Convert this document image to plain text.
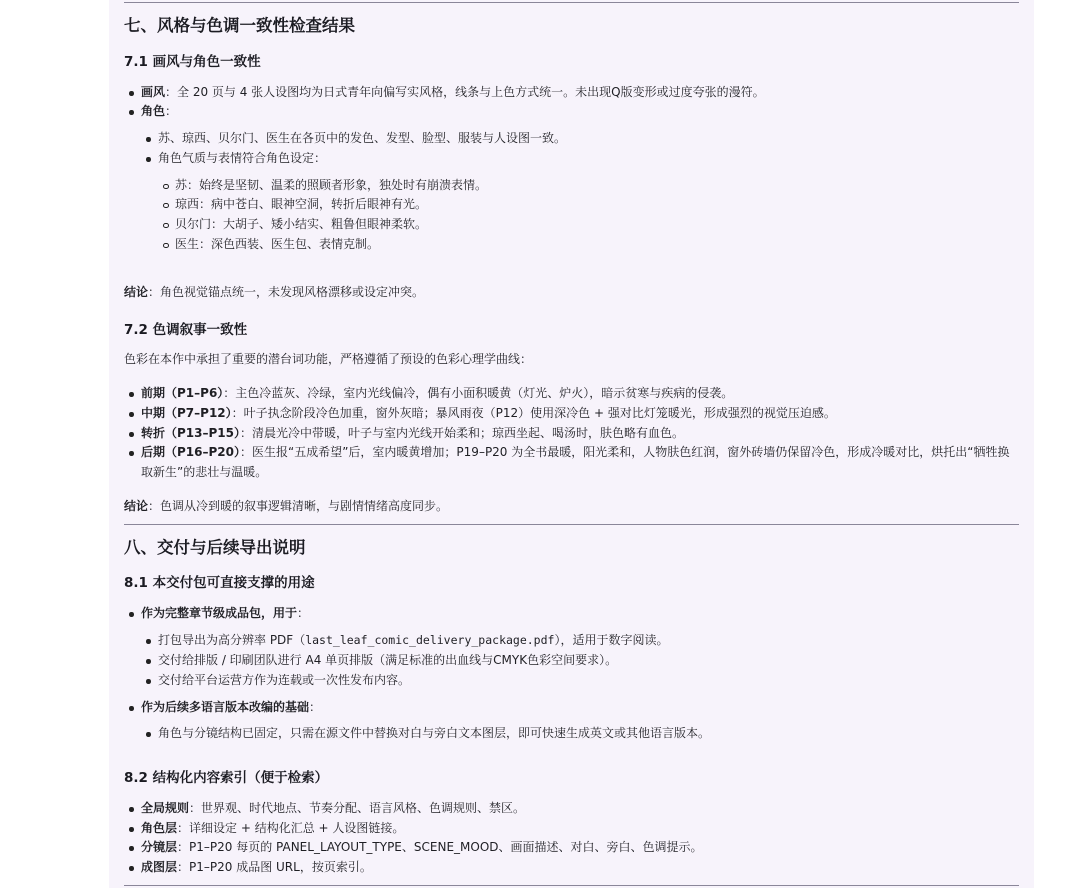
七、风格与色调一致性检查结果
7.1 画风与角色一致性
画风：全 20 页与 4 张人设图均为日式青年向偏写实风格，线条与上色方式统一。未出现Q版变形或过度夸张的漫符。
角色：
苏、琼西、贝尔门、医生在各页中的发色、发型、脸型、服装与人设图一致。
角色气质与表情符合角色设定：
苏：始终是坚韧、温柔的照顾者形象，独处时有崩溃表情。
琼西：病中苍白、眼神空洞，转折后眼神有光。
贝尔门：大胡子、矮小结实、粗鲁但眼神柔软。
医生：深色西装、医生包、表情克制。
结论：角色视觉锚点统一，未发现风格漂移或设定冲突。
7.2 色调叙事一致性
色彩在本作中承担了重要的潜台词功能，严格遵循了预设的色彩心理学曲线：
前期（P1–P6）：主色冷蓝灰、冷绿，室内光线偏冷，偶有小面积暖黄（灯光、炉火），暗示贫寒与疾病的侵袭。
中期（P7–P12）：叶子执念阶段冷色加重，窗外灰暗；暴风雨夜（P12）使用深冷色 + 强对比灯笼暖光，形成强烈的视觉压迫感。
转折（P13–P15）：清晨光冷中带暖，叶子与室内光线开始柔和；琼西坐起、喝汤时，肤色略有血色。
后期（P16–P20）：医生报“五成希望”后，室内暖黄增加；P19–P20 为全书最暖，阳光柔和，人物肤色红润，窗外砖墙仍保留冷色，形成冷暖对比，烘托出“牺牲换取新生”的悲壮与温暖。
结论：色调从冷到暖的叙事逻辑清晰，与剧情情绪高度同步。
八、交付与后续导出说明
8.1 本交付包可直接支撑的用途
作为完整章节级成品包，用于：
打包导出为高分辨率 PDF（last_leaf_comic_delivery_package.pdf），适用于数字阅读。
交付给排版 / 印刷团队进行 A4 单页排版（满足标准的出血线与CMYK色彩空间要求）。
交付给平台运营方作为连载或一次性发布内容。
作为后续多语言版本改编的基础：
角色与分镜结构已固定，只需在源文件中替换对白与旁白文本图层，即可快速生成英文或其他语言版本。
8.2 结构化内容索引（便于检索）
全局规则：世界观、时代地点、节奏分配、语言风格、色调规则、禁区。
角色层：详细设定 + 结构化汇总 + 人设图链接。
分镜层：P1–P20 每页的 PANEL_LAYOUT_TYPE、SCENE_MOOD、画面描述、对白、旁白、色调提示。
成图层：P1–P20 成品图 URL，按页索引。
